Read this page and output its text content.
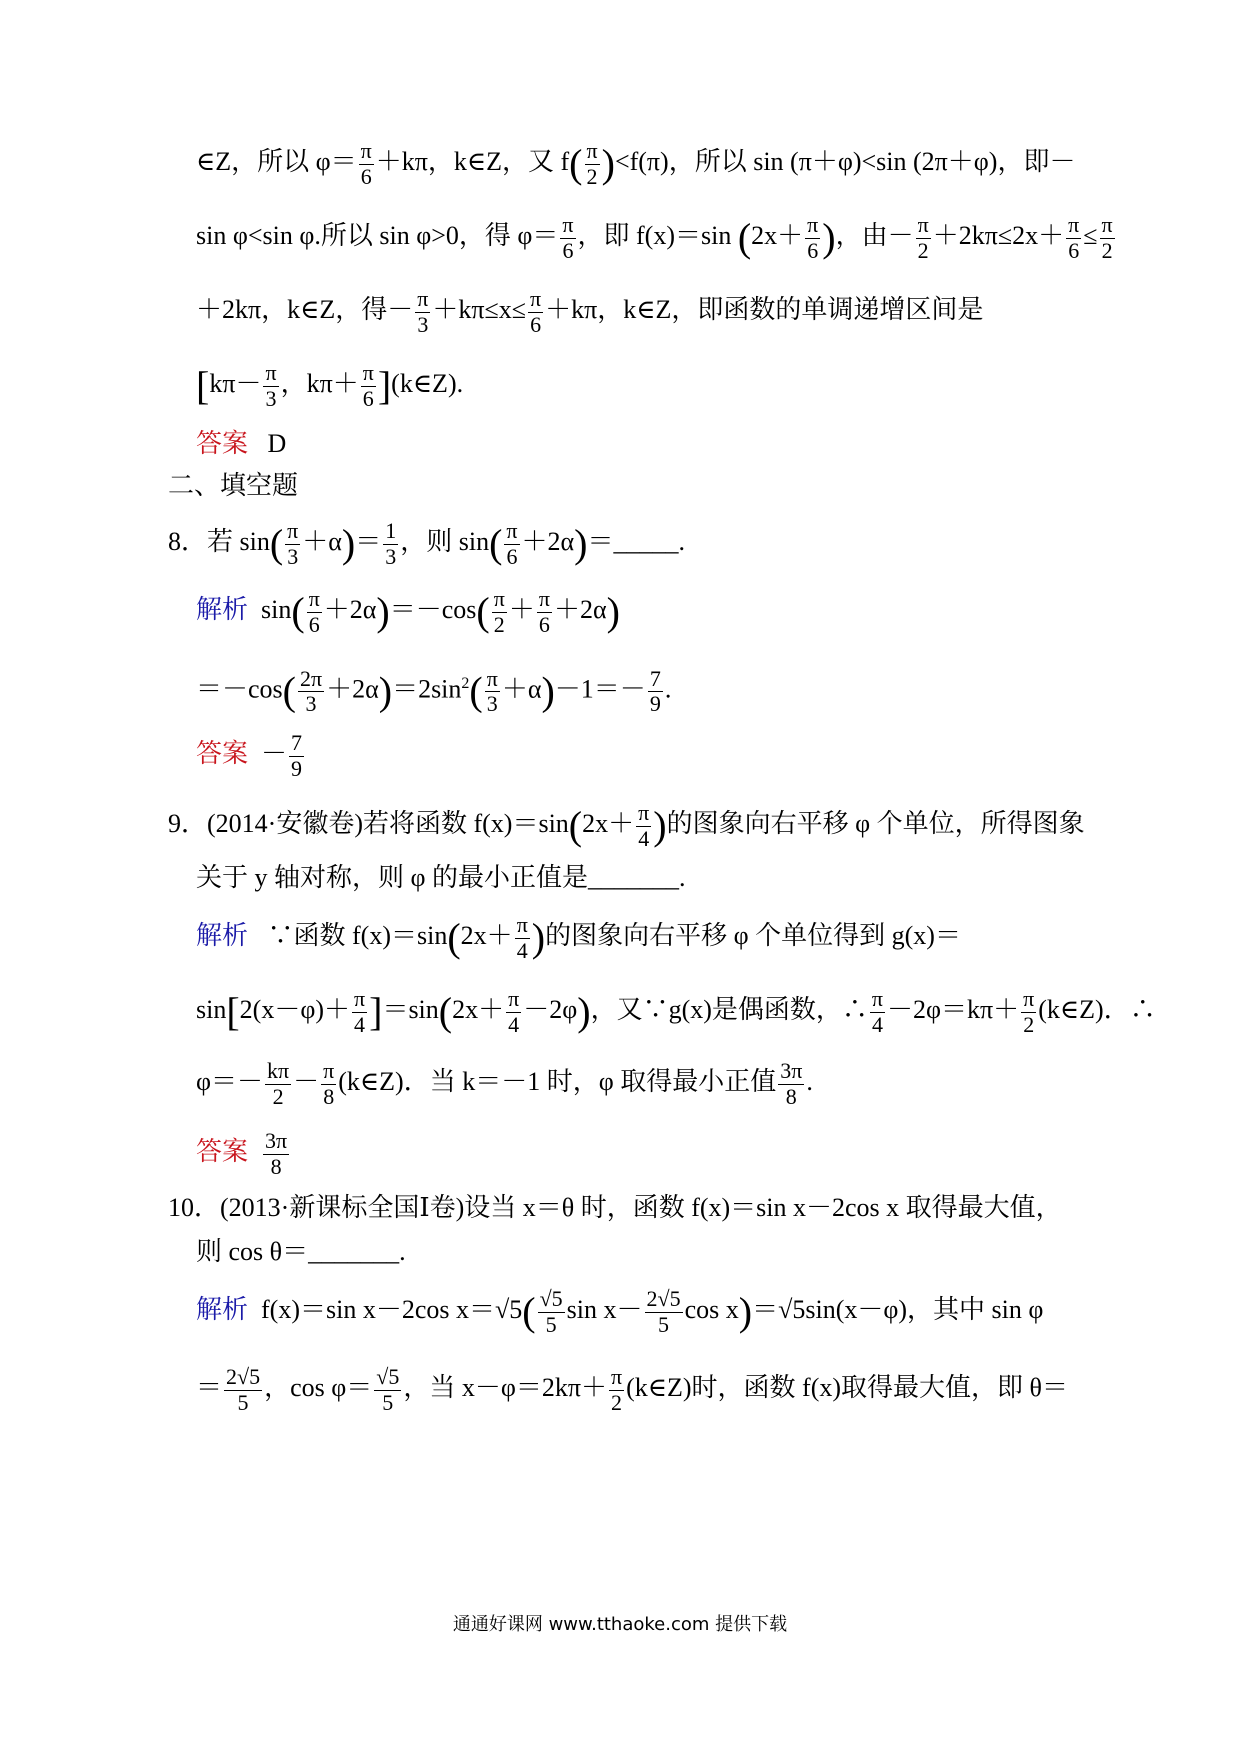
∈Z，所以 $\varphi= \frac{\pi}{6} +k\pi$，k∈Z，又 $f( \frac{\pi}{2} )<f(\pi)$，所以 sin (π＋φ)<sin (2π＋φ)，即－
sin φ<sin φ.所以 sin φ>0，得 $\varphi= \frac{\pi}{6}$ ，即 f(x)＝sin ($2x+ \frac{\pi}{6}$ )，由－ $\frac{\pi}{2} +2k\pi\le 2x+ \frac{\pi}{6} \le \frac{\pi}{2}$
＋2kπ，k∈Z，得－ $\frac{\pi}{3} +k\pi\le x\le \frac{\pi}{6} +k\pi$，k∈Z，即函数的单调递增区间是
[$k\pi- \frac{\pi}{3}$ ，$k\pi+ \frac{\pi}{6}$ ](k∈Z).
答案 D
二、填空题
8．若 $\sin( \frac{\pi}{3} +\alpha)= \frac{1}{3}$ ，则 $\sin( \frac{\pi}{6}$ ＋2α)＝_____.
解析 $\sin( \frac{\pi}{6} +2\alpha)=-\cos( \frac{\pi}{2} + \frac{\pi}{6} +2\alpha)$
$=-\cos( \frac{2\pi}{3} +2\alpha)=2\sin^2( \frac{\pi}{3} +\alpha)-1=- \frac{7}{9}$ .
答案 － $\frac{7}{9}$
9．(2014·安徽卷)若将函数 $f(x)=\sin(2x+ \frac{\pi}{4}$ )的图象向右平移 φ 个单位，所得图象
关于 y 轴对称，则 φ 的最小正值是_______.
解析 ∵函数 $f(x)=\sin(2x+ \frac{\pi}{4}$ )的图象向右平移 φ 个单位得到 g(x)＝
$\sin[2(x-\varphi)+ \frac{\pi}{4} ]=\sin(2x+ \frac{\pi}{4} -2\varphi)$，又∵g(x)是偶函数，∴ $\frac{\pi}{4} -2\varphi=k\pi+ \frac{\pi}{2}$ (k∈Z)．∴
$\varphi=- \frac{k\pi}{2} - \frac{\pi}{8}$ (k∈Z)．当 k＝－1 时，φ 取得最小正值 $\frac{3\pi}{8}$ .
答案 $\frac{3\pi}{8}$
10．(2013·新课标全国Ⅰ卷)设当 x＝θ 时，函数 f(x)＝sin x－2cos x 取得最大值，
则 cos θ＝_______.
解析 f(x)＝sin x－2cos $x=√5( \frac{√5}{5}$ $\sin x- \frac{2√5}{5}$ cos x)＝√5sin(x－φ)，其中 sin φ
＝ $\frac{2√5}{5}$ ，$\cos \varphi= \frac{√5}{5}$ ，当 $x-\varphi=2k\pi+ \frac{\pi}{2}$ (k∈Z)时，函数 f(x)取得最大值，即 θ＝
通通好课网 www.tthaoke.com 提供下载
